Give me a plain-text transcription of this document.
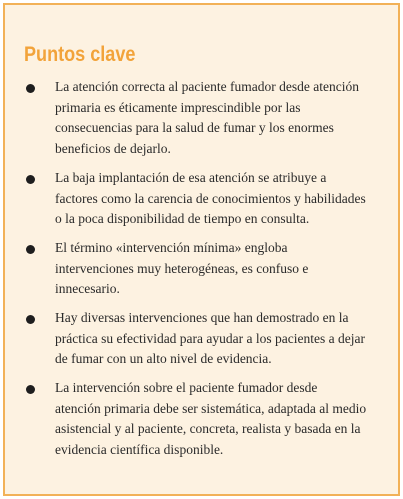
Puntos clave

La atención correcta al paciente fumador desde atención
primaria es éticamente imprescindible por las
consecuencias para la salud de fumar y los enormes
beneficios de dejarlo.

La baja implantación de esa atención se atribuye a
factores como la carencia de conocimientos y habilidades
o la poca disponibilidad de tiempo en consulta.

El término «intervención mínima» engloba
intervenciones muy heterogéneas, es confuso e
innecesario.

Hay diversas intervenciones que han demostrado en la
práctica su efectividad para ayudar a los pacientes a dejar
de fumar con un alto nivel de evidencia.

La intervención sobre el paciente fumador desde
atención primaria debe ser sistemática, adaptada al medio
asistencial y al paciente, concreta, realista y basada en la
evidencia científica disponible.
